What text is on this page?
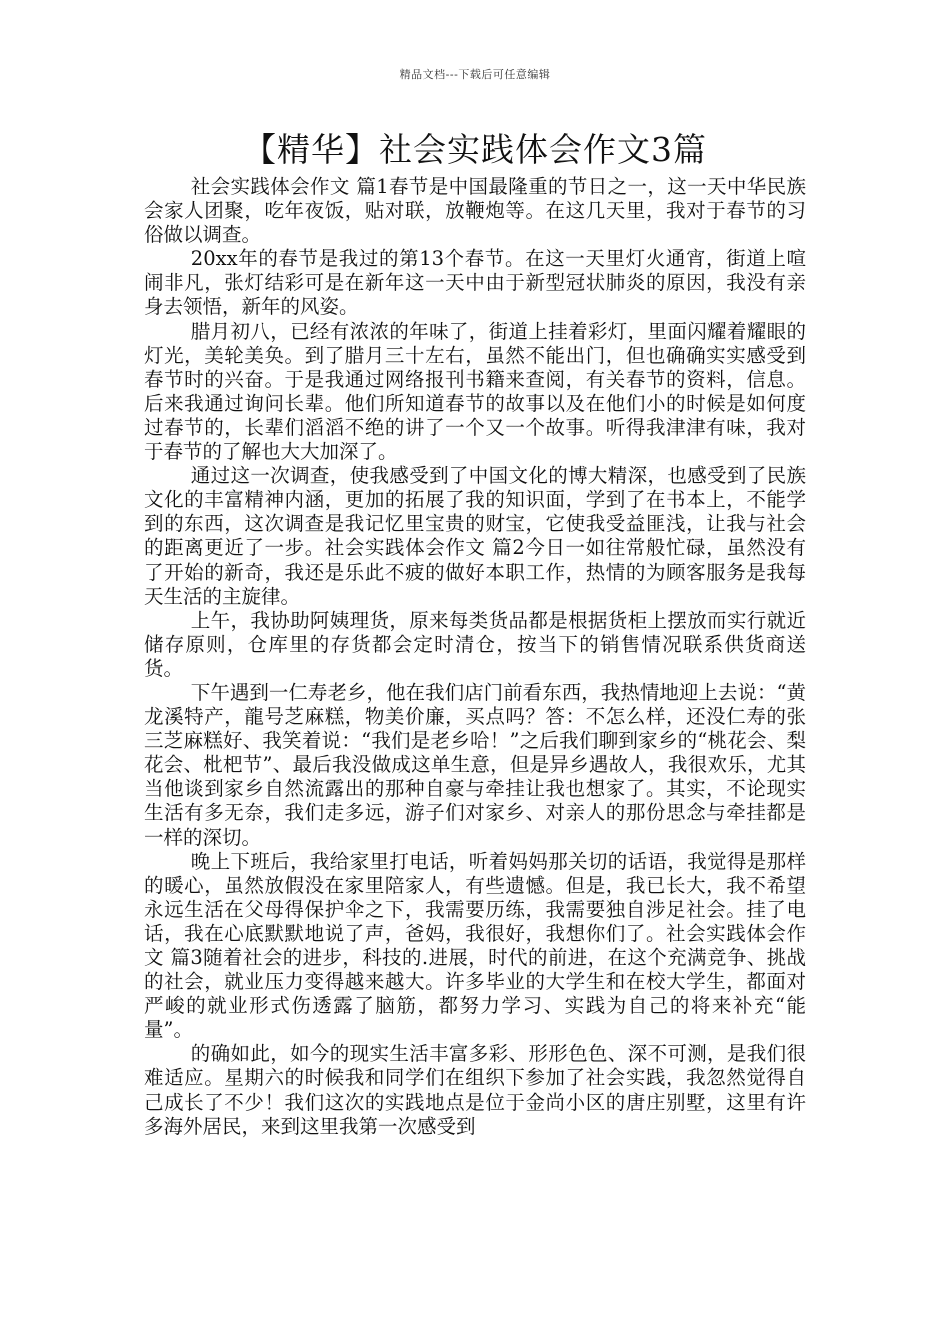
精品文档---下载后可任意编辑
【精华】社会实践体会作文3篇

社会实践体会作文 篇1春节是中国最隆重的节日之一，这一天中华民族会家人团聚，吃年夜饭，贴对联，放鞭炮等。在这几天里，我对于春节的习俗做以调查。

20xx年的春节是我过的第13个春节。在这一天里灯火通宵，街道上喧闹非凡，张灯结彩可是在新年这一天中由于新型冠状肺炎的原因，我没有亲身去领悟，新年的风姿。

腊月初八，已经有浓浓的年味了，街道上挂着彩灯，里面闪耀着耀眼的灯光，美轮美奂。到了腊月三十左右，虽然不能出门，但也确确实实感受到春节时的兴奋。于是我通过网络报刊书籍来查阅，有关春节的资料，信息。后来我通过询问长辈。他们所知道春节的故事以及在他们小的时候是如何度过春节的，长辈们滔滔不绝的讲了一个又一个故事。听得我津津有味，我对于春节的了解也大大加深了。

通过这一次调查，使我感受到了中国文化的博大精深，也感受到了民族文化的丰富精神内涵，更加的拓展了我的知识面，学到了在书本上，不能学到的东西，这次调查是我记忆里宝贵的财宝，它使我受益匪浅，让我与社会的距离更近了一步。社会实践体会作文 篇2今日一如往常般忙碌，虽然没有了开始的新奇，我还是乐此不疲的做好本职工作，热情的为顾客服务是我每天生活的主旋律。

上午，我协助阿姨理货，原来每类货品都是根据货柜上摆放而实行就近储存原则，仓库里的存货都会定时清仓，按当下的销售情况联系供货商送货。

下午遇到一仁寿老乡，他在我们店门前看东西，我热情地迎上去说：“黄龙溪特产，龍号芝麻糕，物美价廉，买点吗？答：不怎么样，还没仁寿的张三芝麻糕好、我笑着说：“我们是老乡哈！”之后我们聊到家乡的“桃花会、梨花会、枇杷节”、最后我没做成这单生意，但是异乡遇故人，我很欢乐，尤其当他谈到家乡自然流露出的那种自豪与牵挂让我也想家了。其实，不论现实生活有多无奈，我们走多远，游子们对家乡、对亲人的那份思念与牵挂都是一样的深切。

晚上下班后，我给家里打电话，听着妈妈那关切的话语，我觉得是那样的暖心，虽然放假没在家里陪家人，有些遗憾。但是，我已长大，我不希望永远生活在父母得保护伞之下，我需要历练，我需要独自涉足社会。挂了电话，我在心底默默地说了声，爸妈，我很好，我想你们了。社会实践体会作文 篇3随着社会的进步，科技的.进展，时代的前进，在这个充满竞争、挑战的社会，就业压力变得越来越大。许多毕业的大学生和在校大学生，都面对严峻的就业形式伤透露了脑筋，都努力学习、实践为自己的将来补充“能量”。

的确如此，如今的现实生活丰富多彩、形形色色、深不可测，是我们很难适应。星期六的时候我和同学们在组织下参加了社会实践，我忽然觉得自己成长了不少！我们这次的实践地点是位于金尚小区的唐庄别墅，这里有许多海外居民，来到这里我第一次感受到
